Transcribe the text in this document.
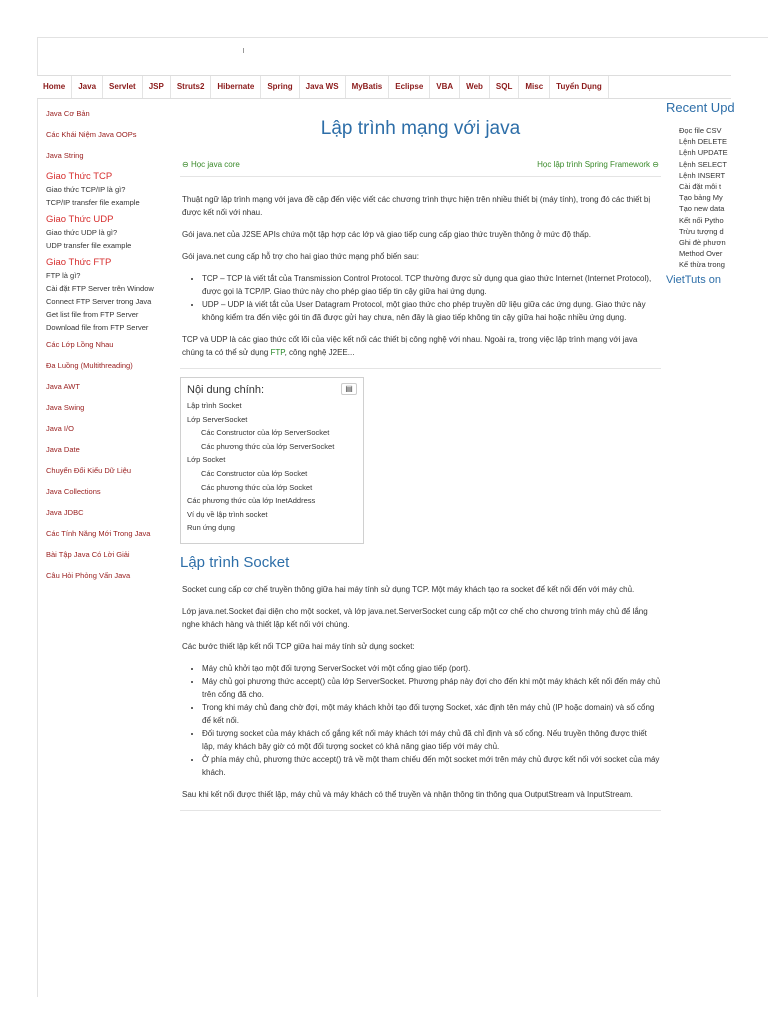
Home	Java	Servlet	JSP	Struts2	Hibernate	Spring	Java WS	MyBatis	Eclipse	VBA	Web	SQL	Misc	Tuyển Dụng
Java Cơ Bản
Các Khái Niệm Java OOPs
Java String
Giao Thức TCP
Giao thức TCP/IP là gì?
TCP/IP transfer file example
Giao Thức UDP
Giao thức UDP là gì?
UDP transfer file example
Giao Thức FTP
FTP là gì?
Cài đặt FTP Server trên Window
Connect FTP Server trong Java
Get list file from FTP Server
Download file from FTP Server
Các Lớp Lồng Nhau
Đa Luồng (Multithreading)
Java AWT
Java Swing
Java I/O
Java Date
Chuyển Đổi Kiểu Dữ Liệu
Java Collections
Java JDBC
Các Tính Năng Mới Trong Java
Bài Tập Java Có Lời Giải
Câu Hỏi Phỏng Vấn Java
Lập trình mạng với java
⊖ Học java core	Học lập trình Spring Framework ⊖
Thuật ngữ lập trình mạng với java đề cập đến việc viết các chương trình thực hiện trên nhiều thiết bị (máy tính), trong đó các thiết bị được kết nối với nhau.
Gói java.net của J2SE APIs chứa một tập hợp các lớp và giao tiếp cung cấp giao thức truyền thông ở mức độ thấp.
Gói java.net cung cấp hỗ trợ cho hai giao thức mạng phổ biến sau:
• TCP – TCP là viết tắt của Transmission Control Protocol. TCP thường được sử dụng qua giao thức Internet (Internet Protocol), được gọi là TCP/IP. Giao thức này cho phép giao tiếp tin cậy giữa hai ứng dụng.
• UDP – UDP là viết tắt của User Datagram Protocol, một giao thức cho phép truyền dữ liệu giữa các ứng dụng. Giao thức này không kiểm tra đến việc gói tin đã được gửi hay chưa, nên đây là giao tiếp không tin cậy giữa hai hoặc nhiều ứng dụng.
TCP và UDP là các giao thức cốt lõi của việc kết nối các thiết bị công nghệ với nhau. Ngoài ra, trong việc lập trình mạng với java chúng ta có thể sử dụng FTP, công nghệ J2EE...
Nội dung chính:	▤
Lập trình Socket
Lớp ServerSocket
Các Constructor của lớp ServerSocket
Các phương thức của lớp ServerSocket
Lớp Socket
Các Constructor của lớp Socket
Các phương thức của lớp Socket
Các phương thức của lớp InetAddress
Ví dụ về lập trình socket
Run ứng dụng
Lập trình Socket
Socket cung cấp cơ chế truyền thông giữa hai máy tính sử dụng TCP. Một máy khách tạo ra socket để kết nối đến với máy chủ.
Lớp java.net.Socket đại diện cho một socket, và lớp java.net.ServerSocket cung cấp một cơ chế cho chương trình máy chủ để lắng nghe khách hàng và thiết lập kết nối với chúng.
Các bước thiết lập kết nối TCP giữa hai máy tính sử dụng socket:
• Máy chủ khởi tạo một đối tượng ServerSocket với một cổng giao tiếp (port).
• Máy chủ gọi phương thức accept() của lớp ServerSocket. Phương pháp này đợi cho đến khi một máy khách kết nối đến máy chủ trên cổng đã cho.
• Trong khi máy chủ đang chờ đợi, một máy khách khởi tạo đối tượng Socket, xác định tên máy chủ (IP hoặc domain) và số cổng để kết nối.
• Đối tượng socket của máy khách cố gắng kết nối máy khách tới máy chủ đã chỉ định và số cổng. Nếu truyền thông được thiết lập, máy khách bây giờ có một đối tượng socket có khả năng giao tiếp với máy chủ.
• Ở phía máy chủ, phương thức accept() trả về một tham chiếu đến một socket mới trên máy chủ được kết nối với socket của máy khách.
Sau khi kết nối được thiết lập, máy chủ và máy khách có thể truyền và nhận thông tin thông qua OutputStream và InputStream.
Recent Upd
Đọc file CSV
Lệnh DELETE
Lệnh UPDATE
Lệnh SELECT
Lệnh INSERT
Cài đặt môi t
Tạo bảng My
Tạo new data
Kết nối Pytho
Trừu tượng d
Ghi đè phươn
Method Over
Kế thừa trong
VietTuts on
